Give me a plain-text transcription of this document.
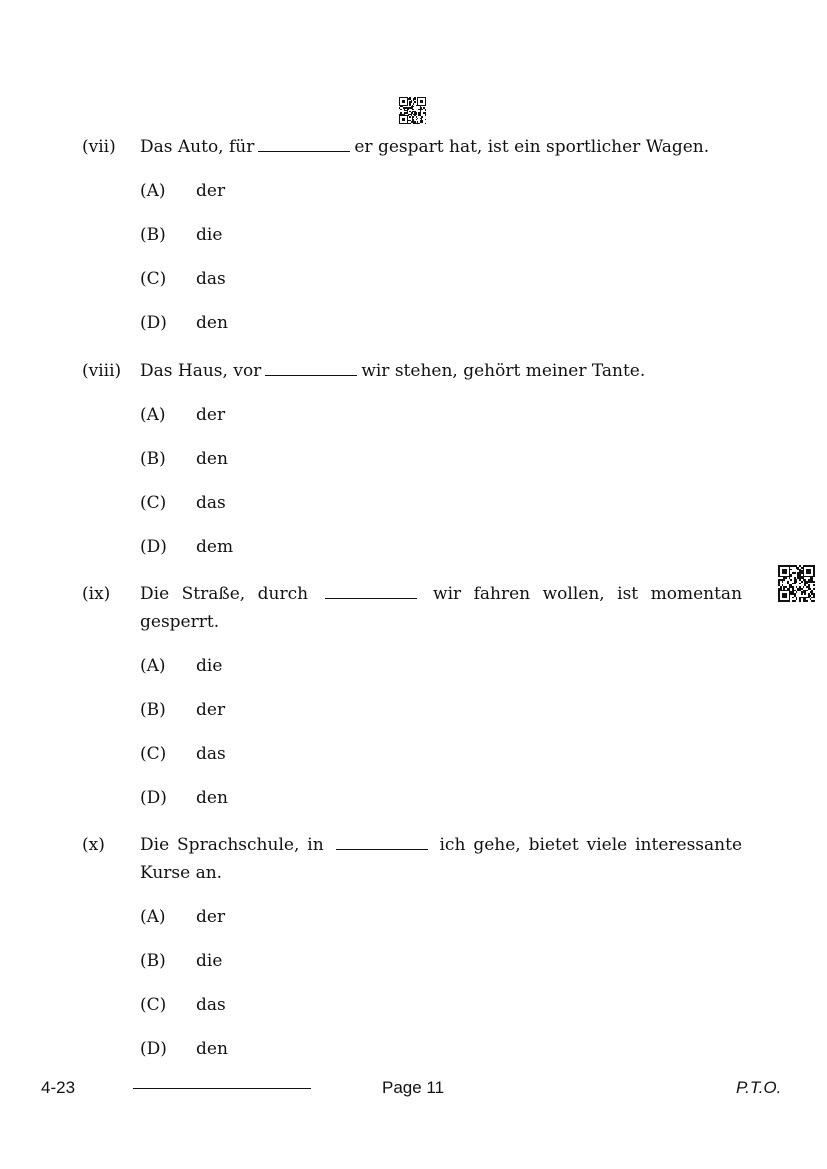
(vii)	Das Auto, für	er gespart hat, ist ein sportlicher Wagen.
(A)	der
(B)	die
(C)	das
(D)	den
(viii)	Das Haus, vor	wir stehen, gehört meiner Tante.
(A)	der
(B)	den
(C)	das
(D)	dem
(ix)	Die Straße, durch	wir fahren wollen, ist momentan gesperrt.
(A)	die
(B)	der
(C)	das
(D)	den
(x)	Die Sprachschule, in	ich gehe, bietet viele interessante Kurse an.
(A)	der
(B)	die
(C)	das
(D)	den
4-23	Page 11	P.T.O.
